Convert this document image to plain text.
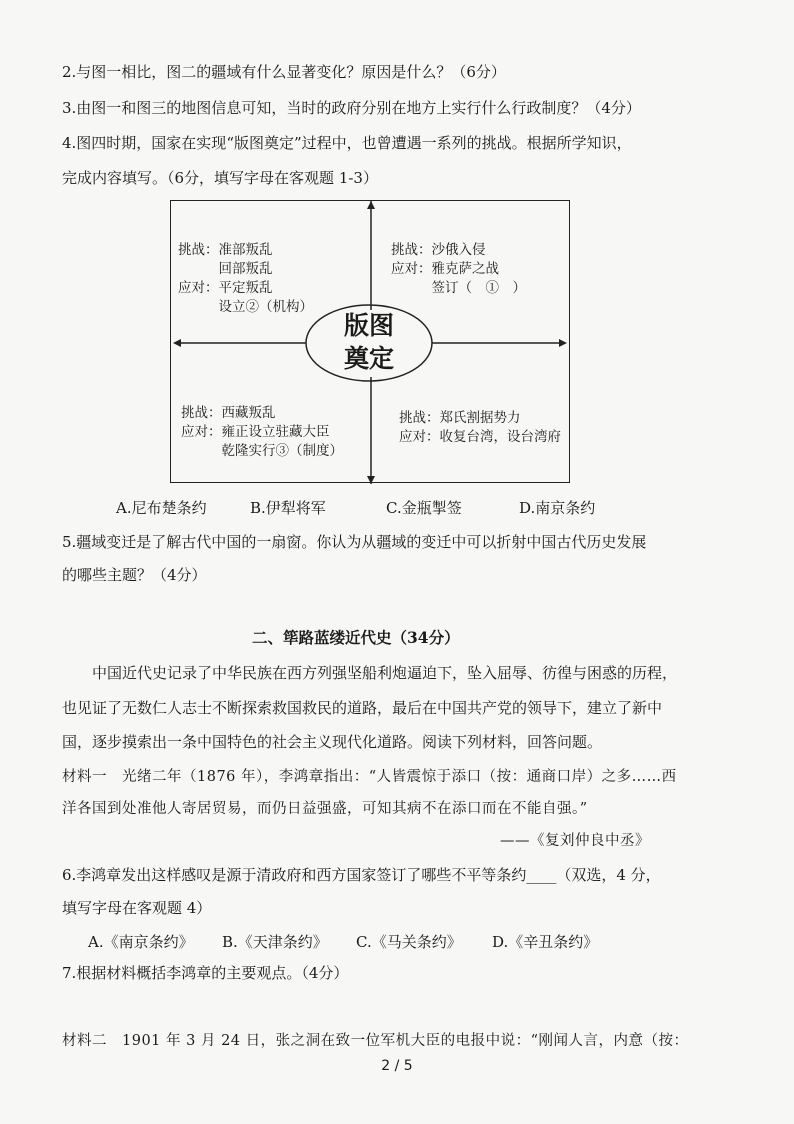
2.与图一相比，图二的疆域有什么显著变化？原因是什么？（6分）
3.由图一和图三的地图信息可知，当时的政府分别在地方上实行什么行政制度？（4分）
4.图四时期，国家在实现“版图奠定”过程中，也曾遭遇一系列的挑战。根据所学知识，
完成内容填写。（6分，填写字母在客观题 1-3）
版图
奠定
挑战：准部叛乱
　　　回部叛乱
应对：平定叛乱
　　　设立②（机构）
挑战：沙俄入侵
应对：雅克萨之战
　　　签订（　①　）
挑战：西藏叛乱
应对：雍正设立驻藏大臣
　　　乾隆实行③（制度）
挑战：郑氏割据势力
应对：收复台湾，设台湾府
A.尼布楚条约	B.伊犁将军	C.金瓶掣签	D.南京条约
5.疆域变迁是了解古代中国的一扇窗。你认为从疆域的变迁中可以折射中国古代历史发展
的哪些主题？（4分）
二、筚路蓝缕近代史（34分）
　　中国近代史记录了中华民族在西方列强坚船利炮逼迫下，坠入屈辱、彷徨与困惑的历程，
也见证了无数仁人志士不断探索救国救民的道路，最后在中国共产党的领导下，建立了新中
国，逐步摸索出一条中国特色的社会主义现代化道路。阅读下列材料，回答问题。
材料一　光绪二年（1876 年），李鸿章指出：“人皆震惊于添口（按：通商口岸）之多……西
洋各国到处准他人寄居贸易，而仍日益强盛，可知其病不在添口而在不能自强。”
——《复刘仲良中丞》
6.李鸿章发出这样感叹是源于清政府和西方国家签订了哪些不平等条约____（双选，4 分，
填写字母在客观题 4）
A.《南京条约》 B.《天津条约》 C.《马关条约》 D.《辛丑条约》
7.根据材料概括李鸿章的主要观点。（4分）
材料二　1901 年 3 月 24 日，张之洞在致一位军机大臣的电报中说：“刚闻人言，内意（按：
2 / 5
